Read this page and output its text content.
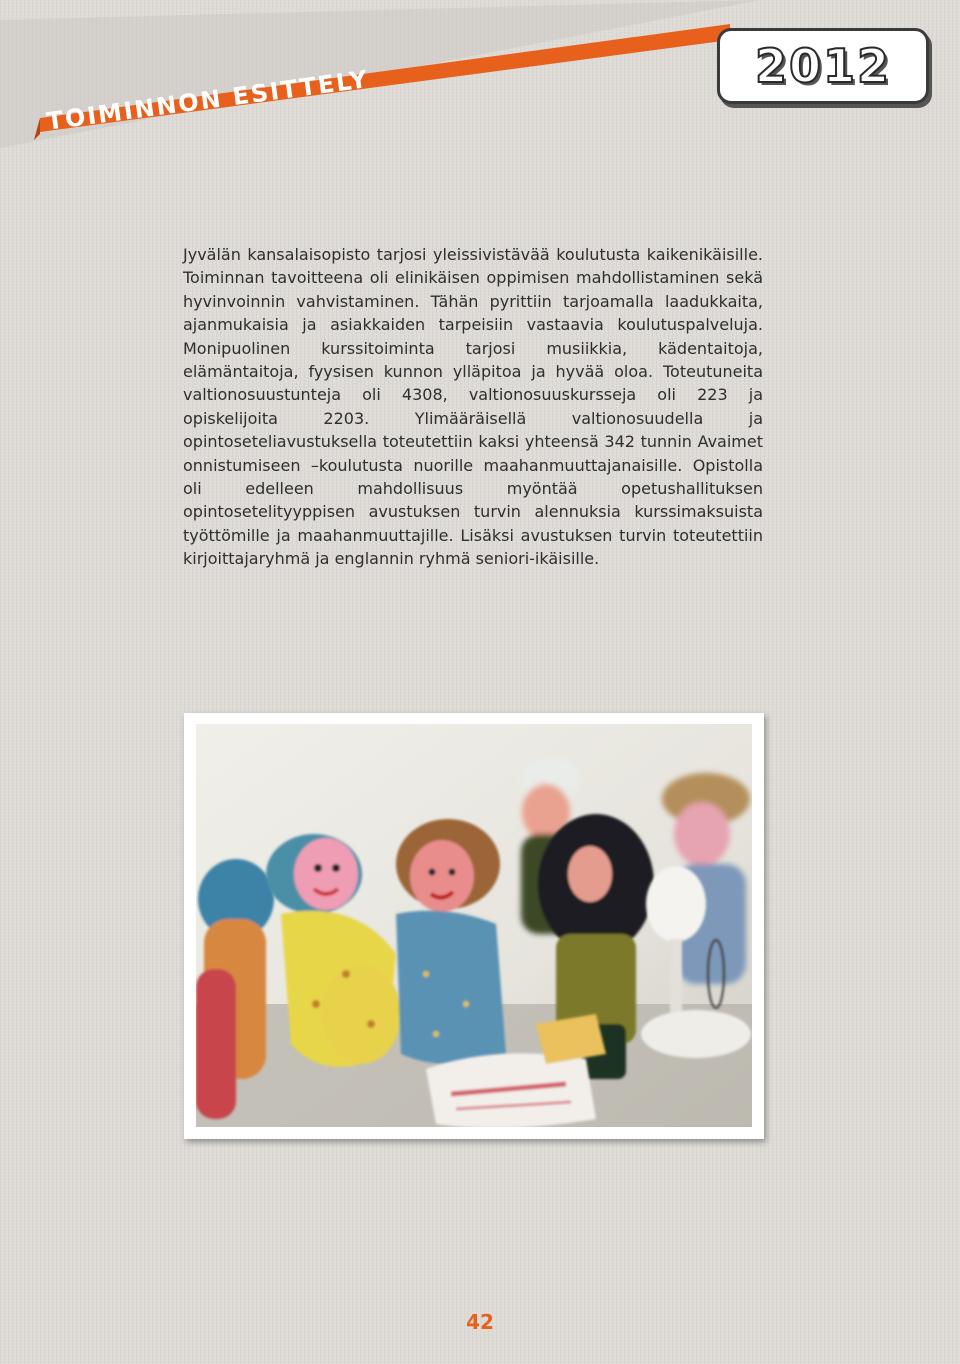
TOIMINNON ESITTELY	2012

Jyvälän kansalaisopisto tarjosi yleissivistävää koulutusta kaikenikäisille. Toiminnan tavoitteena oli elinikäisen oppimisen mahdollistaminen sekä hyvinvoinnin vahvistaminen. Tähän pyrittiin tarjoamalla laadukkaita, ajanmukaisia ja asiakkaiden tarpeisiin vastaavia koulutuspalveluja. Monipuolinen kurssitoiminta tarjosi musiikkia, kädentaitoja, elämäntaitoja, fyysisen kunnon ylläpitoa ja hyvää oloa. Toteutuneita valtionosuustunteja oli 4308, valtionosuuskursseja oli 223 ja opiskelijoita 2203. Ylimääräisellä valtionosuudella ja opintoseteliavustuksella toteutettiin kaksi yhteensä 342 tunnin Avaimet onnistumiseen –koulutusta nuorille maahanmuuttajanaisille. Opistolla oli edelleen mahdollisuus myöntää opetushallituksen opintosetelityyppisen avustuksen turvin alennuksia kurssimaksuista työttömille ja maahanmuuttajille. Lisäksi avustuksen turvin toteutettiin kirjoittajaryhmä ja englannin ryhmä seniori-ikäisille.

42
